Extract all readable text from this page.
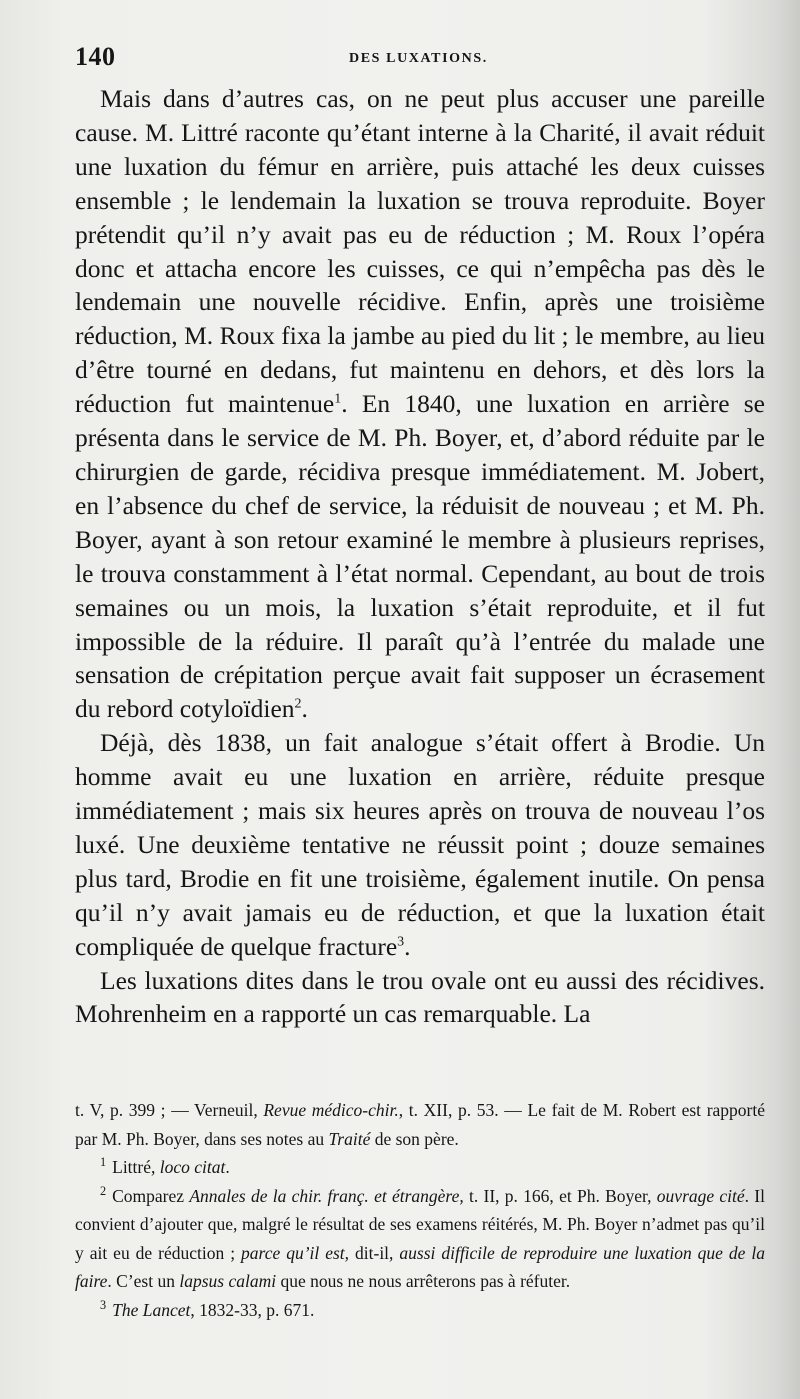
140	DES LUXATIONS.

Mais dans d’autres cas, on ne peut plus accuser une pareille cause. M. Littré raconte qu’étant interne à la Charité, il avait réduit une luxation du fémur en arrière, puis attaché les deux cuisses ensemble ; le lendemain la luxation se trouva reproduite. Boyer prétendit qu’il n’y avait pas eu de réduction ; M. Roux l’opéra donc et attacha encore les cuisses, ce qui n’empêcha pas dès le lendemain une nouvelle récidive. Enfin, après une troisième réduction, M. Roux fixa la jambe au pied du lit ; le membre, au lieu d’être tourné en dedans, fut maintenu en dehors, et dès lors la réduction fut maintenue$^1$. En 1840, une luxation en arrière se présenta dans le service de M. Ph. Boyer, et, d’abord réduite par le chirurgien de garde, récidiva presque immédiatement. M. Jobert, en l’absence du chef de service, la réduisit de nouveau ; et M. Ph. Boyer, ayant à son retour examiné le membre à plusieurs reprises, le trouva constamment à l’état normal. Cependant, au bout de trois semaines ou un mois, la luxation s’était reproduite, et il fut impossible de la réduire. Il paraît qu’à l’entrée du malade une sensation de crépitation perçue avait fait supposer un écrasement du rebord cotyloïdien$^2$.

Déjà, dès 1838, un fait analogue s’était offert à Brodie. Un homme avait eu une luxation en arrière, réduite presque immédiatement ; mais six heures après on trouva de nouveau l’os luxé. Une deuxième tentative ne réussit point ; douze semaines plus tard, Brodie en fit une troisième, également inutile. On pensa qu’il n’y avait jamais eu de réduction, et que la luxation était compliquée de quelque fracture$^3$.

Les luxations dites dans le trou ovale ont eu aussi des récidives. Mohrenheim en a rapporté un cas remarquable. La

t. V, p. 399 ; — Verneuil, Revue médico-chir., t. XII, p. 53. — Le fait de M. Robert est rapporté par M. Ph. Boyer, dans ses notes au Traité de son père.

$^1$ Littré, loco citat.

$^2$ Comparez Annales de la chir. franç. et étrangère, t. II, p. 166, et Ph. Boyer, ouvrage cité. Il convient d’ajouter que, malgré le résultat de ses examens réitérés, M. Ph. Boyer n’admet pas qu’il y ait eu de réduction ; parce qu’il est, dit-il, aussi difficile de reproduire une luxation que de la faire. C’est un lapsus calami que nous ne nous arrêterons pas à réfuter.

$^3$ The Lancet, 1832-33, p. 671.
